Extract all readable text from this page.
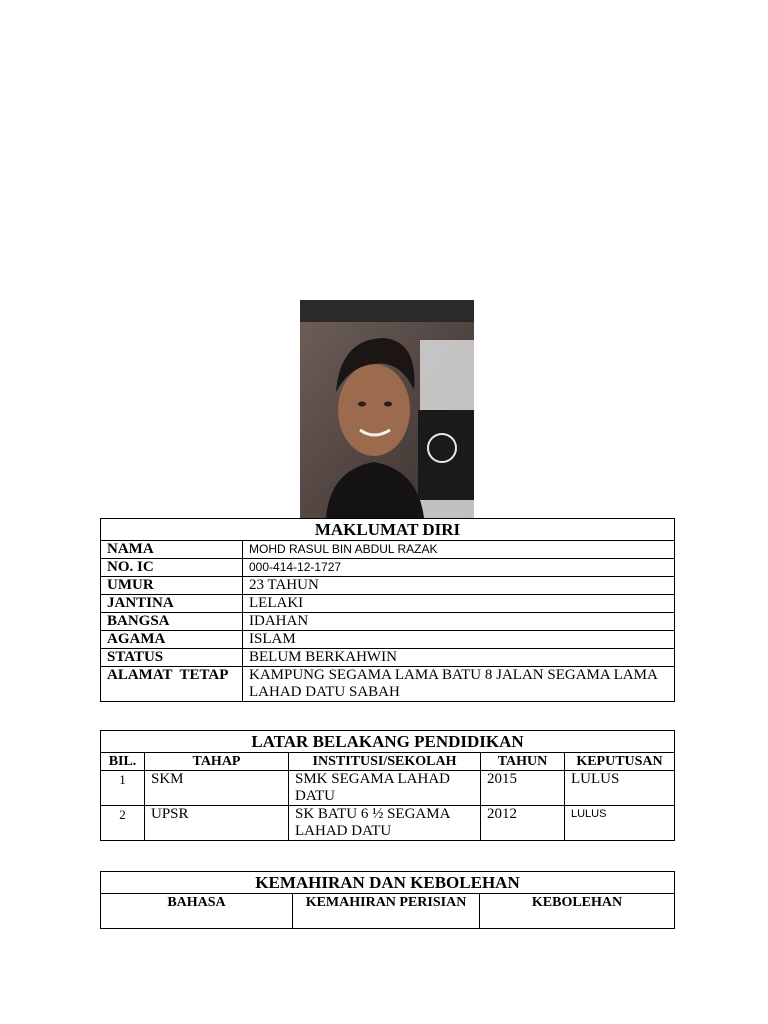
MAKLUMAT DIRI	
NAMA	MOHD RASUL BIN ABDUL RAZAK
NO. IC	000-414-12-1727
UMUR	23 TAHUN
JANTINA	LELAKI
BANGSA	IDAHAN
AGAMA	ISLAM
STATUS	BELUM BERKAHWIN
ALAMAT  TETAP	KAMPUNG SEGAMA LAMA BATU 8 JALAN SEGAMA LAMA LAHAD DATU SABAH
LATAR BELAKANG PENDIDIKAN				
BIL.	TAHAP	INSTITUSI/SEKOLAH	TAHUN	KEPUTUSAN
1	SKM	SMK SEGAMA LAHAD DATU	2015	LULUS
2	UPSR	SK BATU 6 ½ SEGAMA LAHAD DATU	2012	LULUS
KEMAHIRAN DAN KEBOLEHAN
BAHASA	KEMAHIRAN PERISIAN	KEBOLEHAN
